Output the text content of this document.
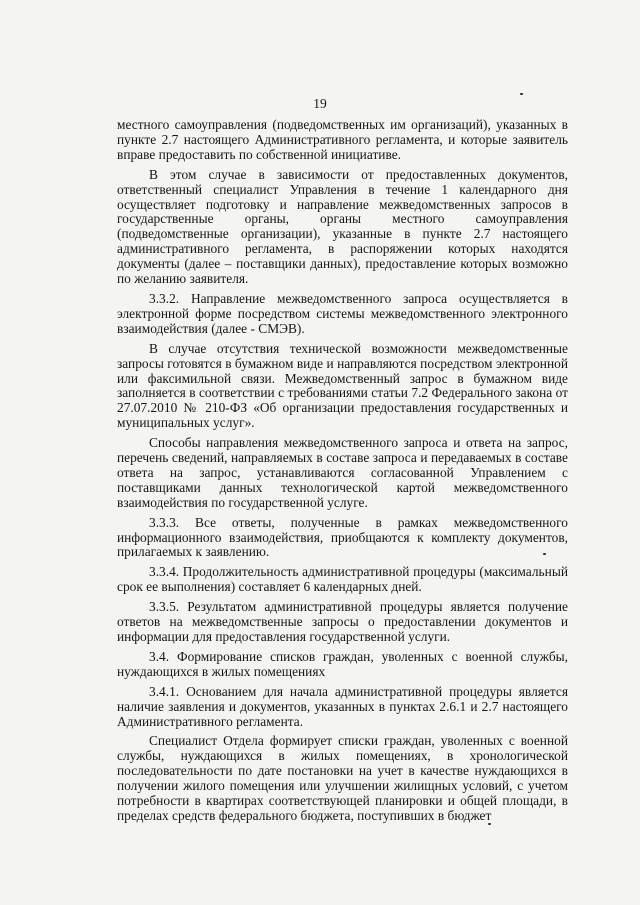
19

местного самоуправления (подведомственных им организаций), указанных в пункте 2.7 настоящего Административного регламента, и которые заявитель вправе предоставить по собственной инициативе.

В этом случае в зависимости от предоставленных документов, ответственный специалист Управления в течение 1 календарного дня осуществляет подготовку и направление межведомственных запросов в государственные органы, органы местного самоуправления (подведомственные организации), указанные в пункте 2.7 настоящего административного регламента, в распоряжении которых находятся документы (далее – поставщики данных), предоставление которых возможно по желанию заявителя.

3.3.2. Направление межведомственного запроса осуществляется в электронной форме посредством системы межведомственного электронного взаимодействия (далее - СМЭВ).

В случае отсутствия технической возможности межведомственные запросы готовятся в бумажном виде и направляются посредством электронной или факсимильной связи. Межведомственный запрос в бумажном виде заполняется в соответствии с требованиями статьи 7.2 Федерального закона от 27.07.2010 № 210-ФЗ «Об организации предоставления государственных и муниципальных услуг».

Способы направления межведомственного запроса и ответа на запрос, перечень сведений, направляемых в составе запроса и передаваемых в составе ответа на запрос, устанавливаются согласованной Управлением с поставщиками данных технологической картой межведомственного взаимодействия по государственной услуге.

3.3.3. Все ответы, полученные в рамках межведомственного информационного взаимодействия, приобщаются к комплекту документов, прилагаемых к заявлению.

3.3.4. Продолжительность административной процедуры (максимальный срок ее выполнения) составляет 6 календарных дней.

3.3.5. Результатом административной процедуры является получение ответов на межведомственные запросы о предоставлении документов и информации для предоставления государственной услуги.

3.4. Формирование списков граждан, уволенных с военной службы, нуждающихся в жилых помещениях

3.4.1. Основанием для начала административной процедуры является наличие заявления и документов, указанных в пунктах 2.6.1 и 2.7 настоящего Административного регламента.

Специалист Отдела формирует списки граждан, уволенных с военной службы, нуждающихся в жилых помещениях, в хронологической последовательности по дате постановки на учет в качестве нуждающихся в получении жилого помещения или улучшении жилищных условий, с учетом потребности в квартирах соответствующей планировки и общей площади, в пределах средств федерального бюджета, поступивших в бюджет
